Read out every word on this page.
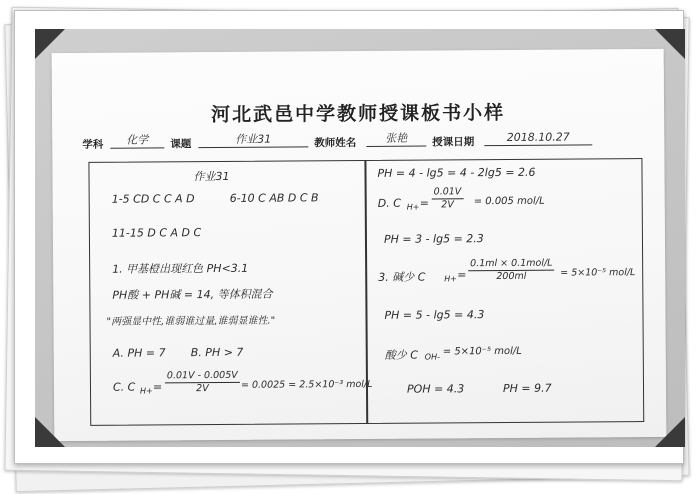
河北武邑中学教师授课板书小样
学科	化学	课题	作业31	教师姓名	张艳	授课日期	2018.10.27
作业31
1-5 CD C C A D	6-10 C AB D C B
11-15 D C A D C
1. 甲基橙出现红色 PH<3.1
PH酸 + PH碱 = 14, 等体积混合
"两强显中性,谁弱谁过量,谁弱显谁性."
A. PH = 7 B. PH > 7
C. C $H+ = \frac{0.01V - 0.005V}{2V} = 0.0025 = 2.5\times 10^{-3}$ mol/L
PH = 4 - lg5 = 4 - 2lg5 = 2.6
D. C $H+ = \frac{0.01V}{2V} = 0.005$ mol/L
PH = 3 - lg5 = 2.3
3. 碱少 C H+ =
0.1ml × 0.1mol/L
200ml	= 5×10⁻⁵ mol/L
PH = 5 - lg5 = 4.3
酸少 C OH- = 5×10⁻⁵ mol/L
POH = 4.3	PH = 9.7
